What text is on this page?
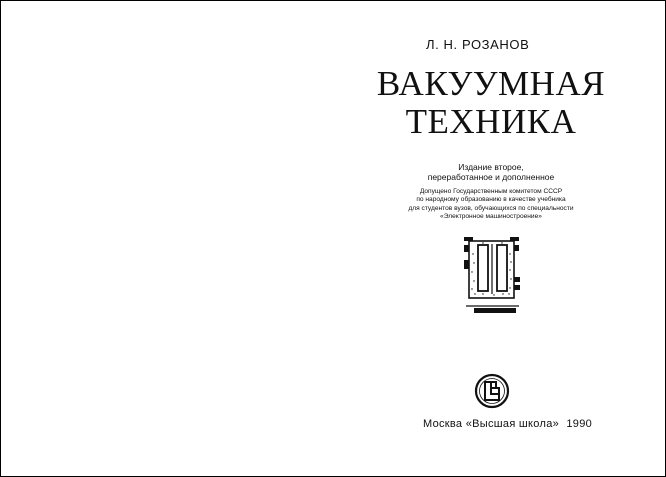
Л. Н. РОЗАНОВ
ВАКУУМНАЯ
ТЕХНИКА
Издание второе,
переработанное и дополненное
Допущено Государственным комитетом СССР
по народному образованию в качестве учебника
для студентов вузов, обучающихся по специальности
«Электронное машиностроение»
Москва «Высшая школа» 1990
